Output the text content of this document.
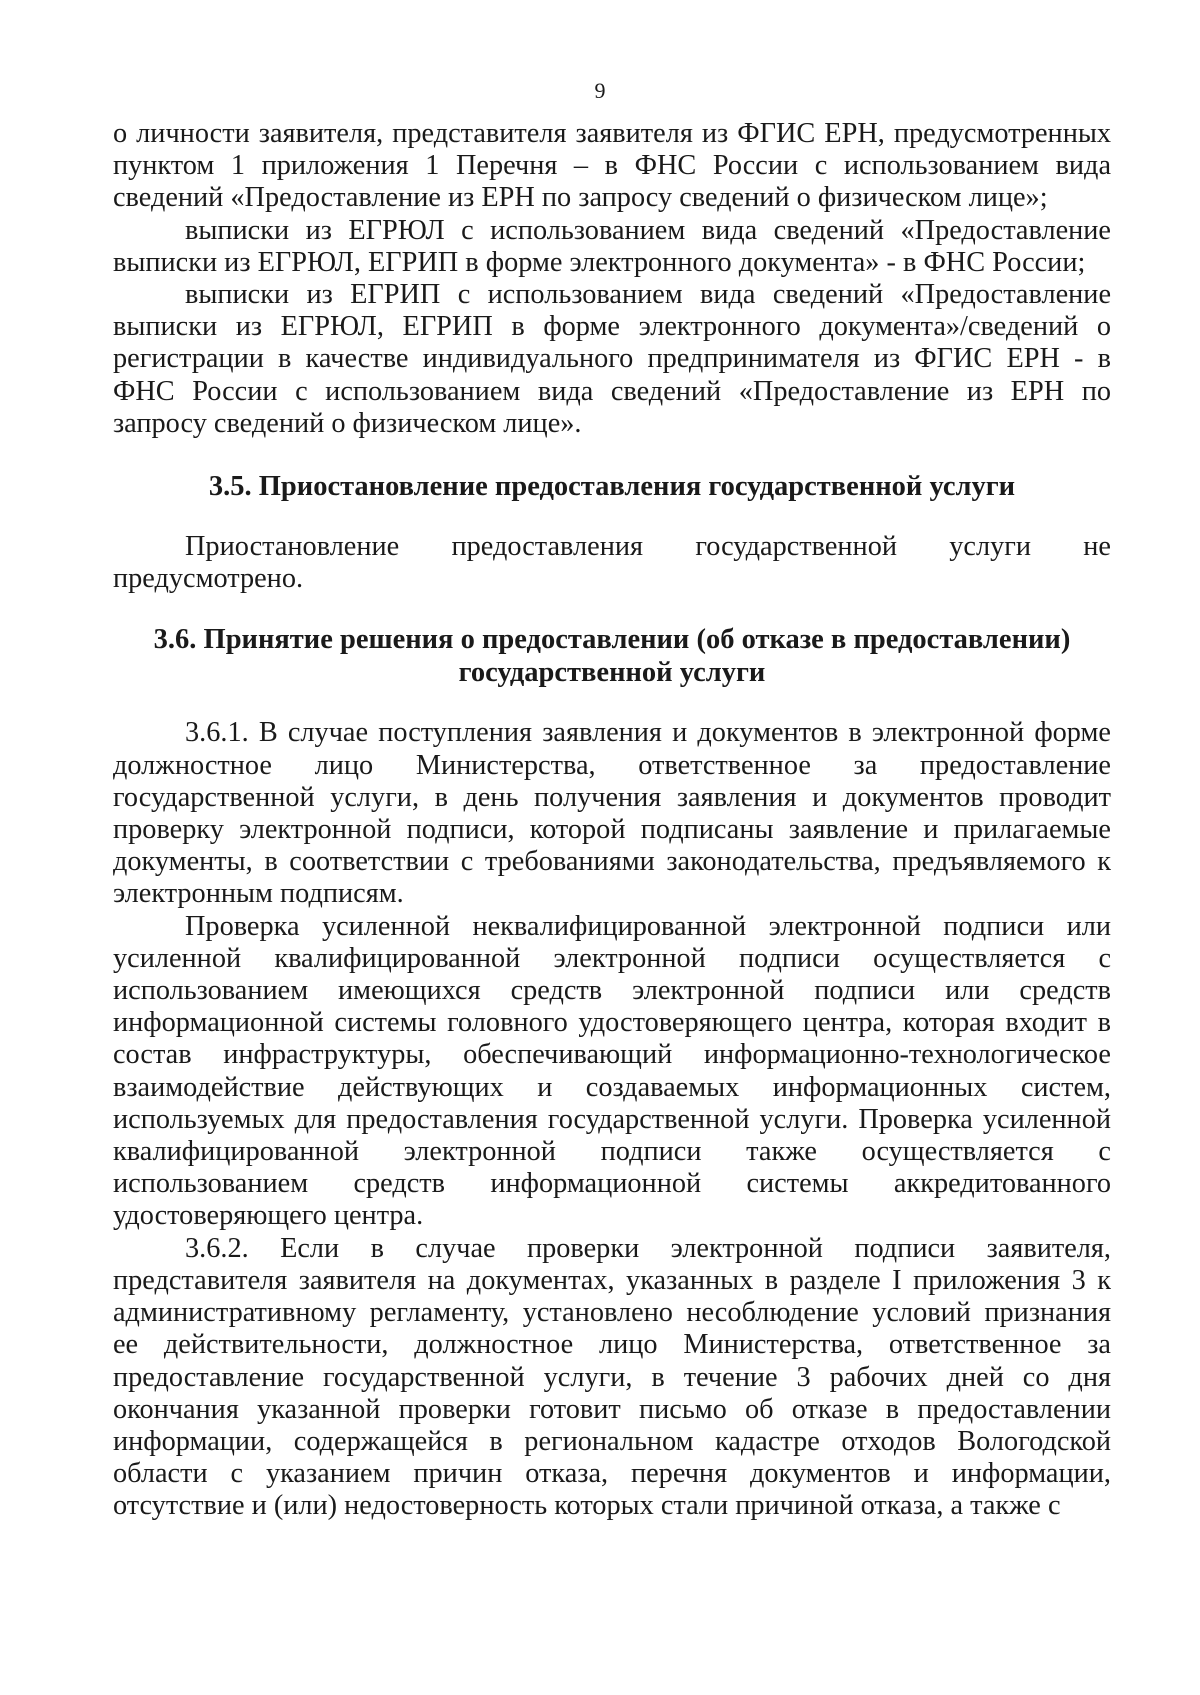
9

о личности заявителя, представителя заявителя из ФГИС ЕРН, предусмотренных пунктом 1 приложения 1 Перечня – в ФНС России с использованием вида сведений «Предоставление из ЕРН по запросу сведений о физическом лице»;

выписки из ЕГРЮЛ с использованием вида сведений «Предоставление выписки из ЕГРЮЛ, ЕГРИП в форме электронного документа» - в ФНС России;

выписки из ЕГРИП с использованием вида сведений «Предоставление выписки из ЕГРЮЛ, ЕГРИП в форме электронного документа»/сведений о регистрации в качестве индивидуального предпринимателя из ФГИС ЕРН - в ФНС России с использованием вида сведений «Предоставление из ЕРН по запросу сведений о физическом лице».

3.5. Приостановление предоставления государственной услуги

Приостановление предоставления государственной услуги не предусмотрено.

3.6. Принятие решения о предоставлении (об отказе в предоставлении)
государственной услуги

3.6.1. В случае поступления заявления и документов в электронной форме должностное лицо Министерства, ответственное за предоставление государственной услуги, в день получения заявления и документов проводит проверку электронной подписи, которой подписаны заявление и прилагаемые документы, в соответствии с требованиями законодательства, предъявляемого к электронным подписям.

Проверка усиленной неквалифицированной электронной подписи или усиленной квалифицированной электронной подписи осуществляется с использованием имеющихся средств электронной подписи или средств информационной системы головного удостоверяющего центра, которая входит в состав инфраструктуры, обеспечивающий информационно-технологическое взаимодействие действующих и создаваемых информационных систем, используемых для предоставления государственной услуги. Проверка усиленной квалифицированной электронной подписи также осуществляется с использованием средств информационной системы аккредитованного удостоверяющего центра.

3.6.2. Если в случае проверки электронной подписи заявителя, представителя заявителя на документах, указанных в разделе I приложения 3 к административному регламенту, установлено несоблюдение условий признания ее действительности, должностное лицо Министерства, ответственное за предоставление государственной услуги, в течение 3 рабочих дней со дня окончания указанной проверки готовит письмо об отказе в предоставлении информации, содержащейся в региональном кадастре отходов Вологодской области с указанием причин отказа, перечня документов и информации, отсутствие и (или) недостоверность которых стали причиной отказа, а также с
